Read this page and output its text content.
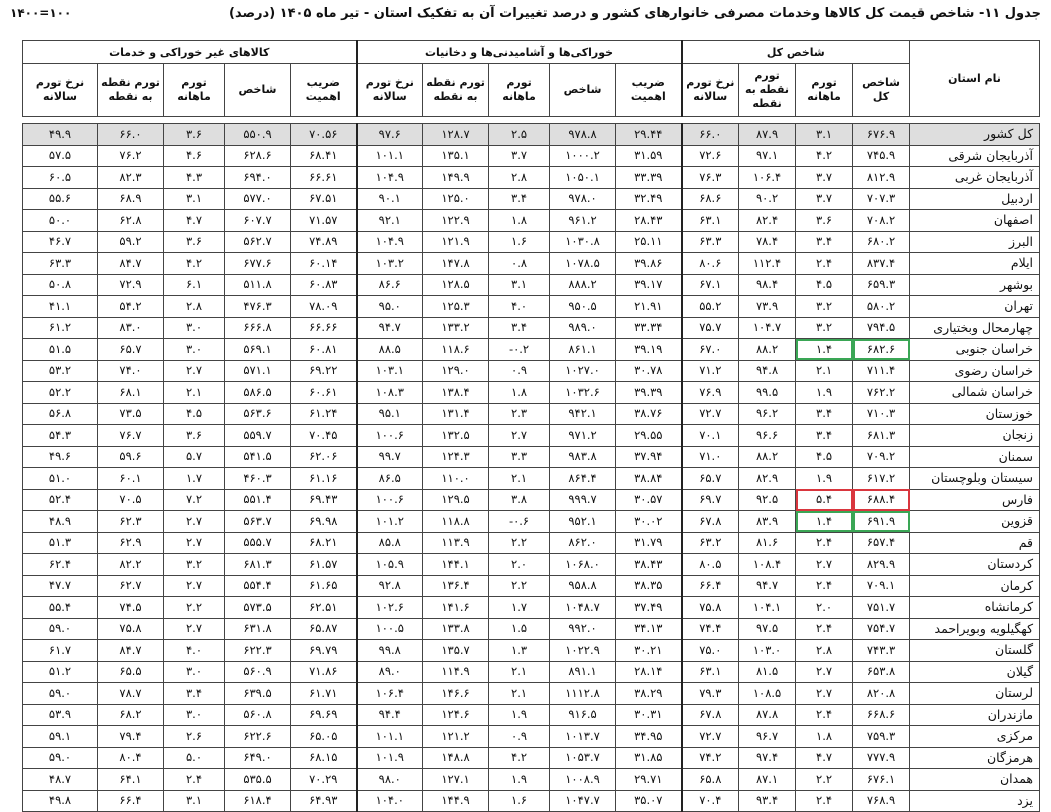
جدول ۱۱- شاخص قیمت کل کالاها وخدمات مصرفی خانوارهای کشور و درصد تغییرات آن به تفکیک استان - تیر ماه ۱۴۰۵ (درصد)
۱۴۰۰=۱۰۰
نام استان	شاخص کل				خوراکی‌ها و آشامیدنی‌ها و دخانیات					کالاهای غیر خوراکی و خدمات				
	شاخص کل	تورم ماهانه	تورم نقطه به نقطه	نرخ تورم سالانه	ضریب اهمیت	شاخص	تورم ماهانه	تورم نقطه به نقطه	نرخ تورم سالانه	ضریب اهمیت	شاخص	تورم ماهانه	تورم نقطه به نقطه	نرخ تورم سالانه

کل کشور	۶۷۶.۹	۳.۱	۸۷.۹	۶۶.۰	۲۹.۴۴	۹۷۸.۸	۲.۵	۱۲۸.۷	۹۷.۶	۷۰.۵۶	۵۵۰.۹	۳.۶	۶۶.۰	۴۹.۹
آذربایجان شرقی	۷۴۵.۹	۴.۲	۹۷.۱	۷۲.۶	۳۱.۵۹	۱۰۰۰.۲	۳.۷	۱۳۵.۱	۱۰۱.۱	۶۸.۴۱	۶۲۸.۶	۴.۶	۷۶.۲	۵۷.۵
آذربایجان غربی	۸۱۲.۹	۳.۷	۱۰۶.۴	۷۶.۳	۳۳.۳۹	۱۰۵۰.۱	۲.۸	۱۴۹.۹	۱۰۴.۹	۶۶.۶۱	۶۹۴.۰	۴.۳	۸۲.۳	۶۰.۵
اردبیل	۷۰۷.۳	۳.۷	۹۰.۲	۶۸.۶	۳۲.۴۹	۹۷۸.۰	۳.۴	۱۲۵.۰	۹۰.۱	۶۷.۵۱	۵۷۷.۰	۳.۱	۶۸.۹	۵۵.۶
اصفهان	۷۰۸.۲	۳.۶	۸۲.۴	۶۳.۱	۲۸.۴۳	۹۶۱.۲	۱.۸	۱۲۲.۹	۹۲.۱	۷۱.۵۷	۶۰۷.۷	۴.۷	۶۲.۸	۵۰.۰
البرز	۶۸۰.۲	۳.۴	۷۸.۴	۶۳.۳	۲۵.۱۱	۱۰۳۰.۸	۱.۶	۱۲۱.۹	۱۰۴.۹	۷۴.۸۹	۵۶۲.۷	۳.۶	۵۹.۲	۴۶.۷
ایلام	۸۳۷.۴	۲.۴	۱۱۲.۴	۸۰.۶	۳۹.۸۶	۱۰۷۸.۵	۰.۸	۱۴۷.۸	۱۰۳.۲	۶۰.۱۴	۶۷۷.۶	۴.۲	۸۴.۷	۶۳.۳
بوشهر	۶۵۹.۳	۴.۵	۹۸.۴	۶۷.۱	۳۹.۱۷	۸۸۸.۲	۳.۱	۱۲۸.۵	۸۶.۶	۶۰.۸۳	۵۱۱.۸	۶.۱	۷۲.۹	۵۰.۸
تهران	۵۸۰.۲	۳.۲	۷۳.۹	۵۵.۲	۲۱.۹۱	۹۵۰.۵	۴.۰	۱۲۵.۳	۹۵.۰	۷۸.۰۹	۴۷۶.۳	۲.۸	۵۴.۲	۴۱.۱
چهارمحال وبختیاری	۷۹۴.۵	۳.۲	۱۰۴.۷	۷۵.۷	۳۳.۳۴	۹۸۹.۰	۳.۴	۱۳۳.۲	۹۴.۷	۶۶.۶۶	۶۶۶.۸	۳.۰	۸۳.۰	۶۱.۲
خراسان جنوبی	۶۸۲.۶	۱.۴	۸۸.۲	۶۷.۰	۳۹.۱۹	۸۶۱.۱	۰.۲-	۱۱۸.۶	۸۸.۵	۶۰.۸۱	۵۶۹.۱	۳.۰	۶۵.۷	۵۱.۵
خراسان رضوی	۷۱۱.۴	۲.۱	۹۴.۸	۷۱.۲	۳۰.۷۸	۱۰۲۷.۰	۰.۹	۱۲۹.۰	۱۰۳.۱	۶۹.۲۲	۵۷۱.۱	۲.۷	۷۴.۰	۵۳.۲
خراسان شمالی	۷۶۲.۲	۱.۹	۹۹.۵	۷۶.۹	۳۹.۳۹	۱۰۳۲.۶	۱.۸	۱۳۸.۴	۱۰۸.۳	۶۰.۶۱	۵۸۶.۵	۲.۱	۶۸.۱	۵۲.۲
خوزستان	۷۱۰.۳	۳.۴	۹۶.۲	۷۲.۷	۳۸.۷۶	۹۴۲.۱	۲.۳	۱۳۱.۴	۹۵.۱	۶۱.۲۴	۵۶۳.۶	۴.۵	۷۳.۵	۵۶.۸
زنجان	۶۸۱.۳	۳.۴	۹۶.۶	۷۰.۱	۲۹.۵۵	۹۷۱.۲	۲.۷	۱۳۲.۵	۱۰۰.۶	۷۰.۴۵	۵۵۹.۷	۳.۶	۷۶.۷	۵۴.۳
سمنان	۷۰۹.۲	۴.۵	۸۸.۲	۷۱.۰	۳۷.۹۴	۹۸۳.۸	۳.۳	۱۲۴.۳	۹۹.۷	۶۲.۰۶	۵۴۱.۵	۵.۷	۵۹.۶	۴۹.۶
سیستان وبلوچستان	۶۱۷.۲	۱.۹	۸۲.۹	۶۵.۷	۳۸.۸۴	۸۶۴.۴	۲.۱	۱۱۰.۰	۸۶.۵	۶۱.۱۶	۴۶۰.۳	۱.۷	۶۰.۱	۵۱.۰
فارس	۶۸۸.۴	۵.۴	۹۲.۵	۶۹.۷	۳۰.۵۷	۹۹۹.۷	۳.۸	۱۲۹.۵	۱۰۰.۶	۶۹.۴۳	۵۵۱.۴	۷.۲	۷۰.۵	۵۲.۴
قزوین	۶۹۱.۹	۱.۴	۸۳.۹	۶۷.۸	۳۰.۰۲	۹۵۲.۱	۰.۶-	۱۱۸.۸	۱۰۱.۲	۶۹.۹۸	۵۶۳.۷	۲.۷	۶۲.۳	۴۸.۹
قم	۶۵۷.۴	۲.۴	۸۱.۶	۶۳.۲	۳۱.۷۹	۸۶۲.۰	۲.۲	۱۱۳.۹	۸۵.۸	۶۸.۲۱	۵۵۵.۷	۲.۷	۶۲.۹	۵۱.۳
کردستان	۸۲۹.۹	۲.۷	۱۰۸.۴	۸۰.۵	۳۸.۴۳	۱۰۶۸.۰	۲.۰	۱۴۴.۱	۱۰۵.۹	۶۱.۵۷	۶۸۱.۳	۳.۲	۸۲.۲	۶۲.۴
کرمان	۷۰۹.۱	۲.۴	۹۴.۷	۶۶.۴	۳۸.۳۵	۹۵۸.۸	۲.۲	۱۳۶.۴	۹۲.۸	۶۱.۶۵	۵۵۴.۴	۲.۷	۶۲.۷	۴۷.۷
کرمانشاه	۷۵۱.۷	۲.۰	۱۰۴.۱	۷۵.۸	۳۷.۴۹	۱۰۴۸.۷	۱.۷	۱۴۱.۶	۱۰۲.۶	۶۲.۵۱	۵۷۳.۵	۲.۲	۷۴.۵	۵۵.۴
کهگیلویه وبویراحمد	۷۵۴.۷	۲.۴	۹۷.۵	۷۴.۴	۳۴.۱۳	۹۹۲.۰	۱.۵	۱۳۳.۸	۱۰۰.۵	۶۵.۸۷	۶۳۱.۸	۲.۷	۷۵.۸	۵۹.۰
گلستان	۷۴۳.۳	۲.۸	۱۰۳.۰	۷۵.۰	۳۰.۲۱	۱۰۲۲.۹	۱.۳	۱۳۵.۷	۹۹.۸	۶۹.۷۹	۶۲۲.۳	۴.۰	۸۴.۷	۶۱.۷
گیلان	۶۵۳.۸	۲.۷	۸۱.۵	۶۳.۱	۲۸.۱۴	۸۹۱.۱	۲.۱	۱۱۴.۹	۸۹.۰	۷۱.۸۶	۵۶۰.۹	۳.۰	۶۵.۵	۵۱.۲
لرستان	۸۲۰.۸	۲.۷	۱۰۸.۵	۷۹.۳	۳۸.۲۹	۱۱۱۲.۸	۲.۱	۱۴۶.۶	۱۰۶.۴	۶۱.۷۱	۶۳۹.۵	۳.۴	۷۸.۷	۵۹.۰
مازندران	۶۶۸.۶	۲.۴	۸۷.۸	۶۷.۸	۳۰.۳۱	۹۱۶.۵	۱.۹	۱۲۴.۶	۹۴.۴	۶۹.۶۹	۵۶۰.۸	۳.۰	۶۸.۲	۵۳.۹
مرکزی	۷۵۹.۳	۱.۸	۹۶.۷	۷۲.۷	۳۴.۹۵	۱۰۱۳.۷	۰.۹	۱۲۱.۲	۱۰۱.۱	۶۵.۰۵	۶۲۲.۶	۲.۶	۷۹.۴	۵۹.۱
هرمزگان	۷۷۷.۹	۴.۷	۹۷.۴	۷۴.۲	۳۱.۸۵	۱۰۵۳.۷	۴.۲	۱۴۸.۸	۱۰۱.۹	۶۸.۱۵	۶۴۹.۰	۵.۰	۸۰.۴	۵۹.۰
همدان	۶۷۶.۱	۲.۲	۸۷.۱	۶۵.۸	۲۹.۷۱	۱۰۰۸.۹	۱.۹	۱۲۷.۱	۹۸.۰	۷۰.۲۹	۵۳۵.۵	۲.۴	۶۴.۱	۴۸.۷
یزد	۷۶۸.۹	۲.۴	۹۳.۴	۷۰.۴	۳۵.۰۷	۱۰۴۷.۷	۱.۶	۱۴۴.۹	۱۰۴.۰	۶۴.۹۳	۶۱۸.۴	۳.۱	۶۶.۴	۴۹.۸
